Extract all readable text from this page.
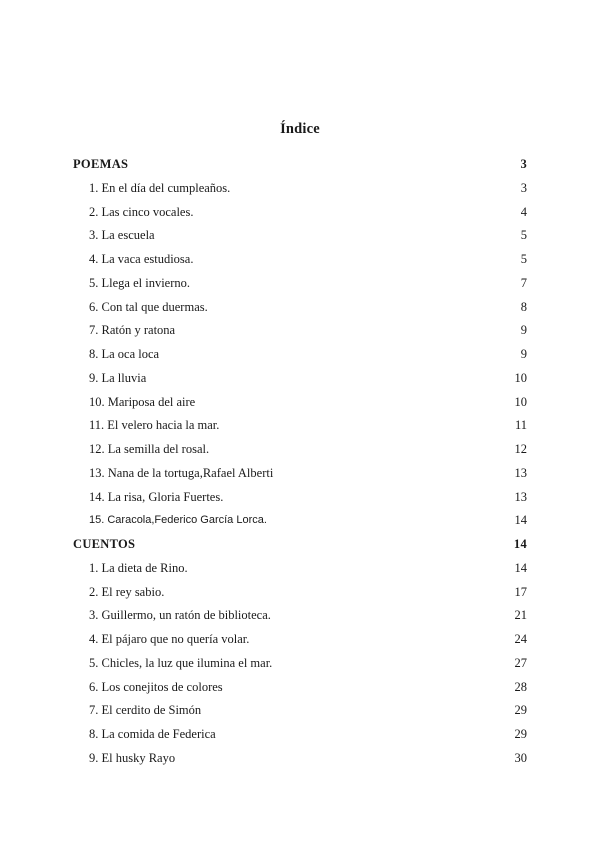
Índice
POEMAS	3
1. En el día del cumpleaños.	3
2. Las cinco vocales.	4
3. La escuela	5
4. La vaca estudiosa.	5
5. Llega el invierno.	7
6. Con tal que duermas.	8
7. Ratón y ratona	9
8. La oca loca	9
9. La lluvia	10
10. Mariposa del aire	10
11. El velero hacia la mar.	11
12. La semilla del rosal.	12
13. Nana de la tortuga,Rafael Alberti	13
14. La risa, Gloria Fuertes.	13
15. Caracola,Federico García Lorca.	14
CUENTOS	14
1. La dieta de Rino.	14
2. El rey sabio.	17
3. Guillermo, un ratón de biblioteca.	21
4. El pájaro que no quería volar.	24
5. Chicles, la luz que ilumina el mar.	27
6. Los conejitos de colores	28
7. El cerdito de Simón	29
8. La comida de Federica	29
9. El husky Rayo	30
